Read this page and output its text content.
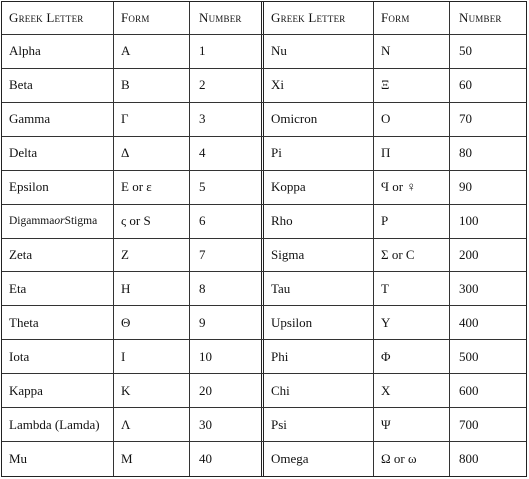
Greek Letter	Form	Number
Alpha	Α	1
Beta	Β	2
Gamma	Γ	3
Delta	Δ	4
Epsilon	Ε or ε	5
Digamma or Stigma	ς or S	6
Zeta	Ζ	7
Eta	Η	8
Theta	Θ	9
Iota	Ι	10
Kappa	Κ	20
Lambda (Lamda)	Λ	30
Mu	Μ	40
Greek Letter	Form	Number
Nu	Ν	50
Xi	Ξ	60
Omicron	Ο	70
Pi	Π	80
Koppa	Ϥ or ♀	90
Rho	Ρ	100
Sigma	Σ or C	200
Tau	Τ	300
Upsilon	Υ	400
Phi	Φ	500
Chi	Χ	600
Psi	Ψ	700
Omega	Ω or ω	800
